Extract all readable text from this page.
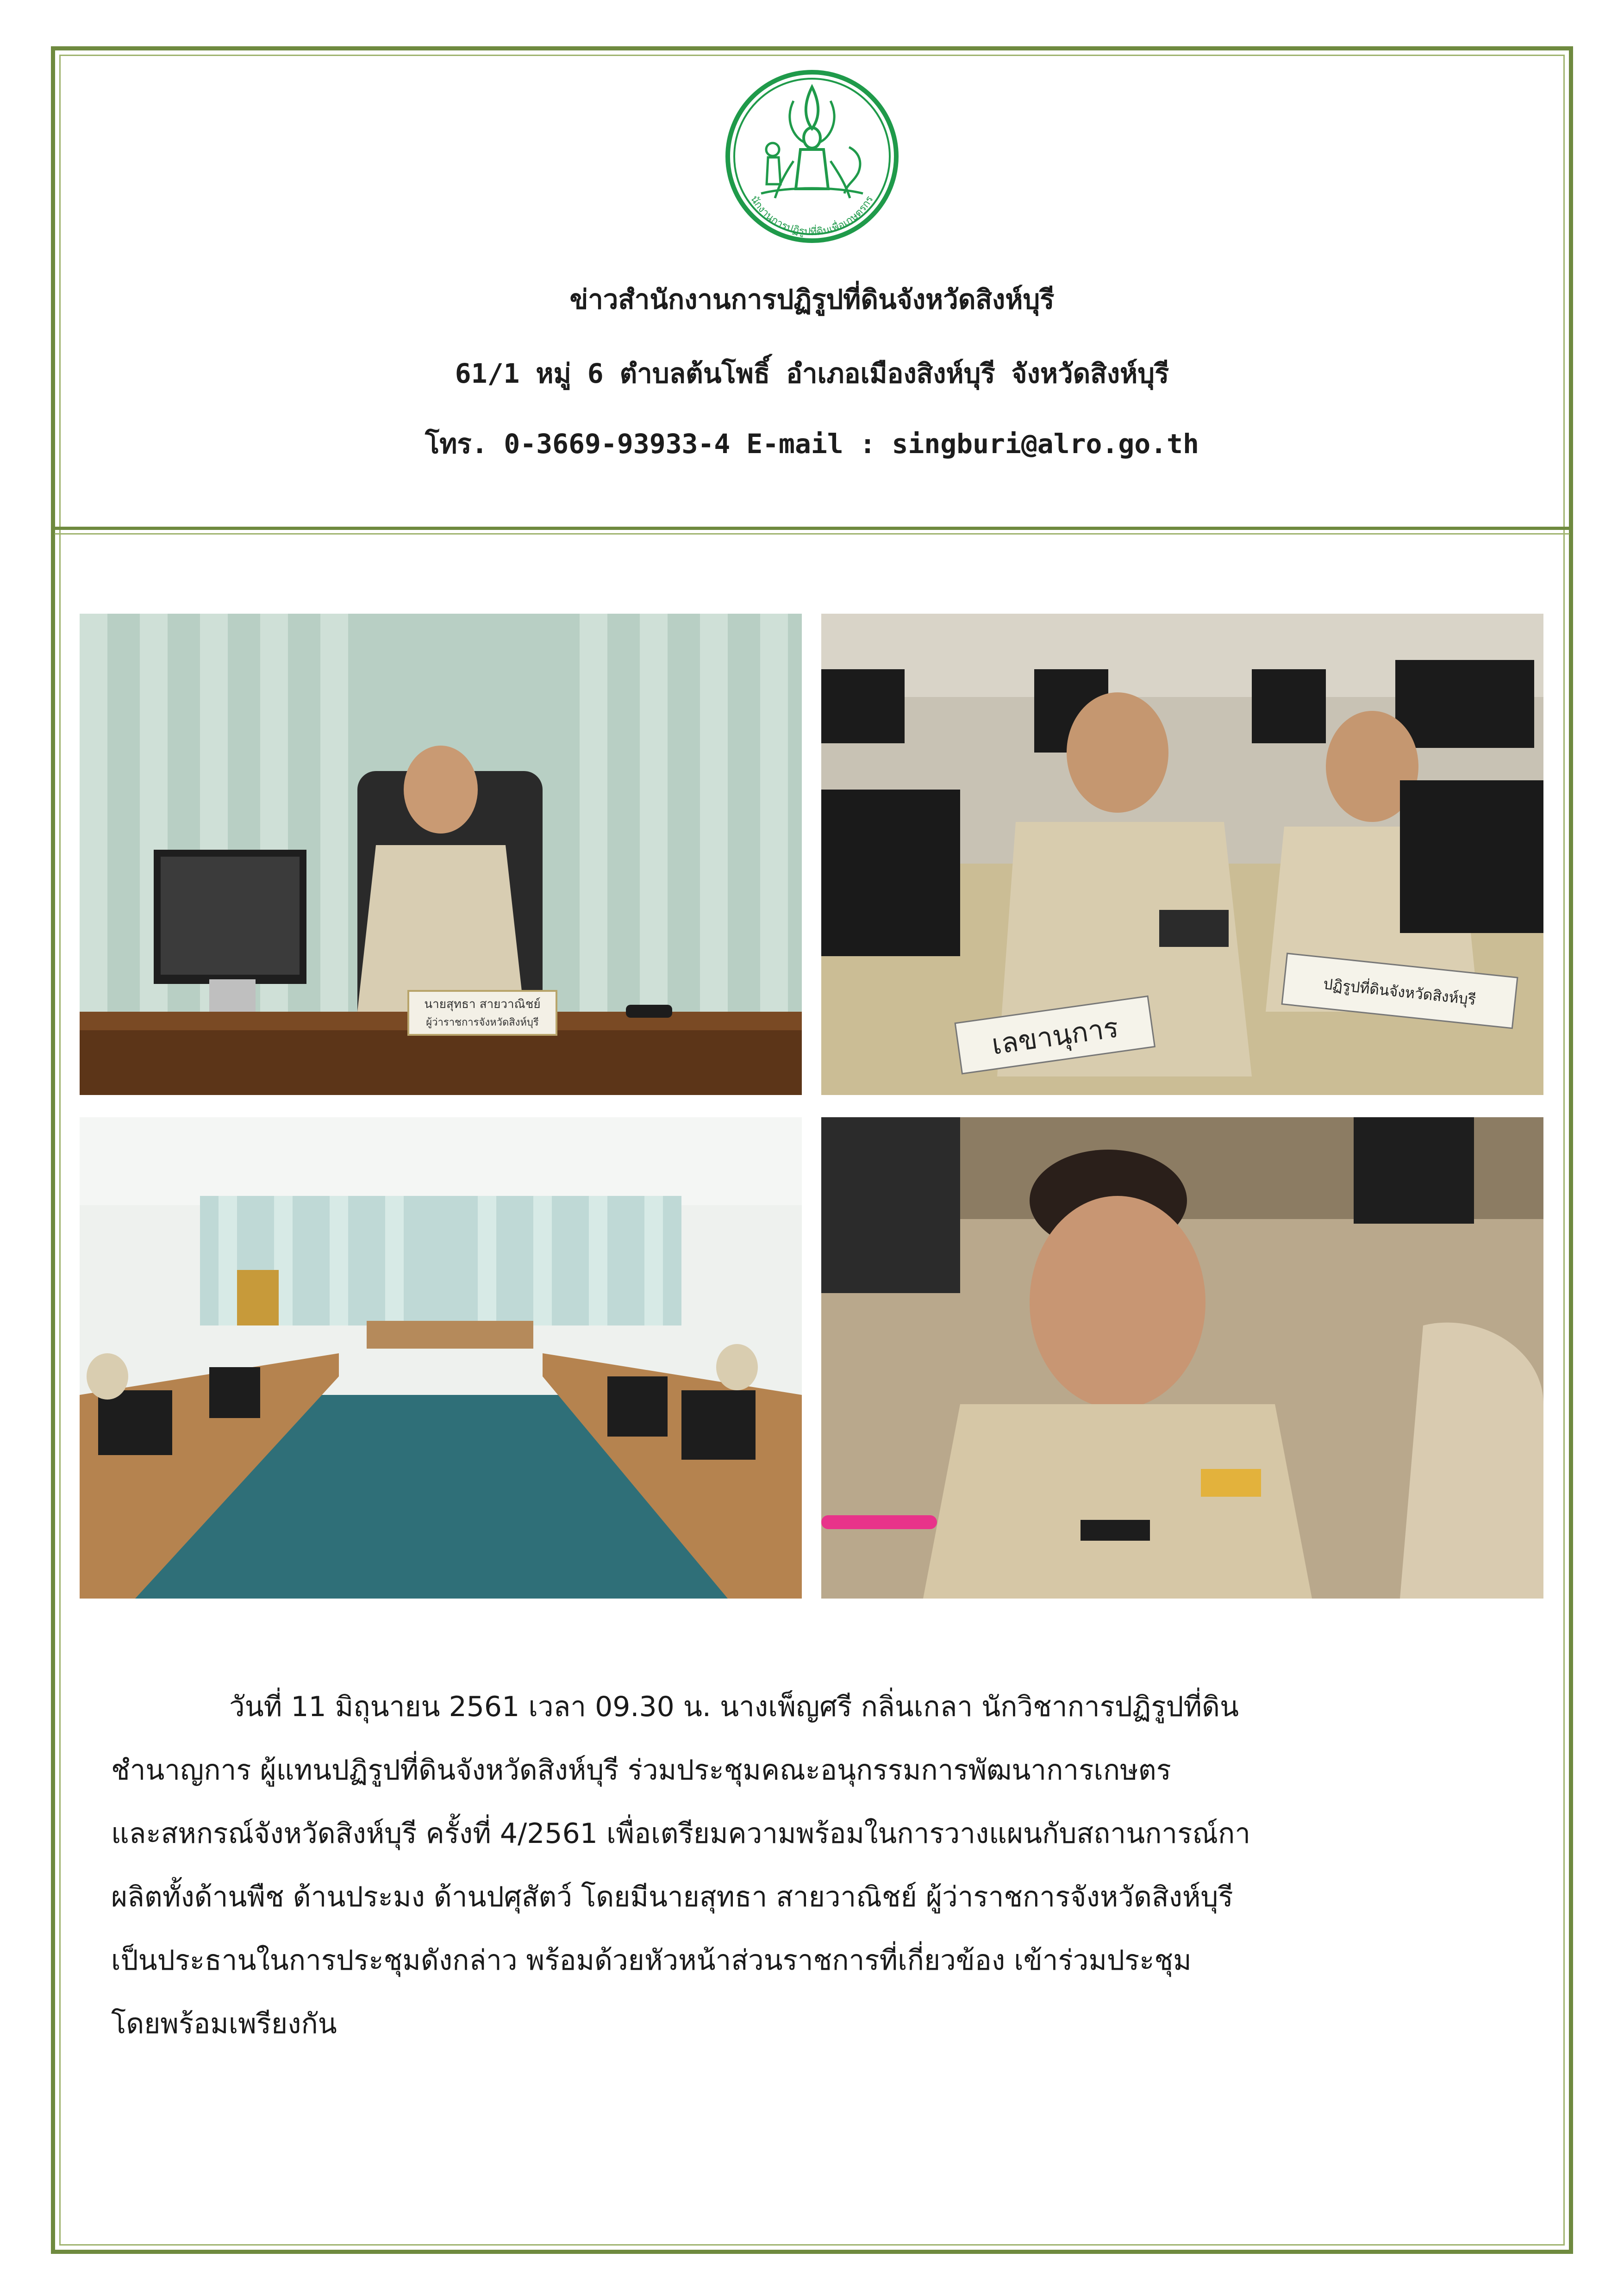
นักงานการปฏิรูปที่ดินเพื่อเกษตรกร
ข่าวสำนักงานการปฏิรูปที่ดินจังหวัดสิงห์บุรี
61/1 หมู่ 6 ตำบลต้นโพธิ์ อำเภอเมืองสิงห์บุรี จังหวัดสิงห์บุรี
โทร. 0-3669-93933-4 E-mail : singburi@alro.go.th
นายสุทธา สายวาณิชย์
ผู้ว่าราชการจังหวัดสิงห์บุรี	เลขานุการ
ปฏิรูปที่ดินจังหวัดสิงห์บุรี

วันที่ 11 มิถุนายน 2561 เวลา 09.30 น. นางเพ็ญศรี กลิ่นเกลา นักวิชาการปฏิรูปที่ดิน

ชำนาญการ ผู้แทนปฏิรูปที่ดินจังหวัดสิงห์บุรี ร่วมประชุมคณะอนุกรรมการพัฒนาการเกษตร

และสหกรณ์จังหวัดสิงห์บุรี ครั้งที่ 4/2561 เพื่อเตรียมความพร้อมในการวางแผนกับสถานการณ์กา

ผลิตทั้งด้านพืช ด้านประมง ด้านปศุสัตว์ โดยมีนายสุทธา สายวาณิชย์ ผู้ว่าราชการจังหวัดสิงห์บุรี

เป็นประธานในการประชุมดังกล่าว พร้อมด้วยหัวหน้าส่วนราชการที่เกี่ยวข้อง เข้าร่วมประชุม

โดยพร้อมเพรียงกัน
